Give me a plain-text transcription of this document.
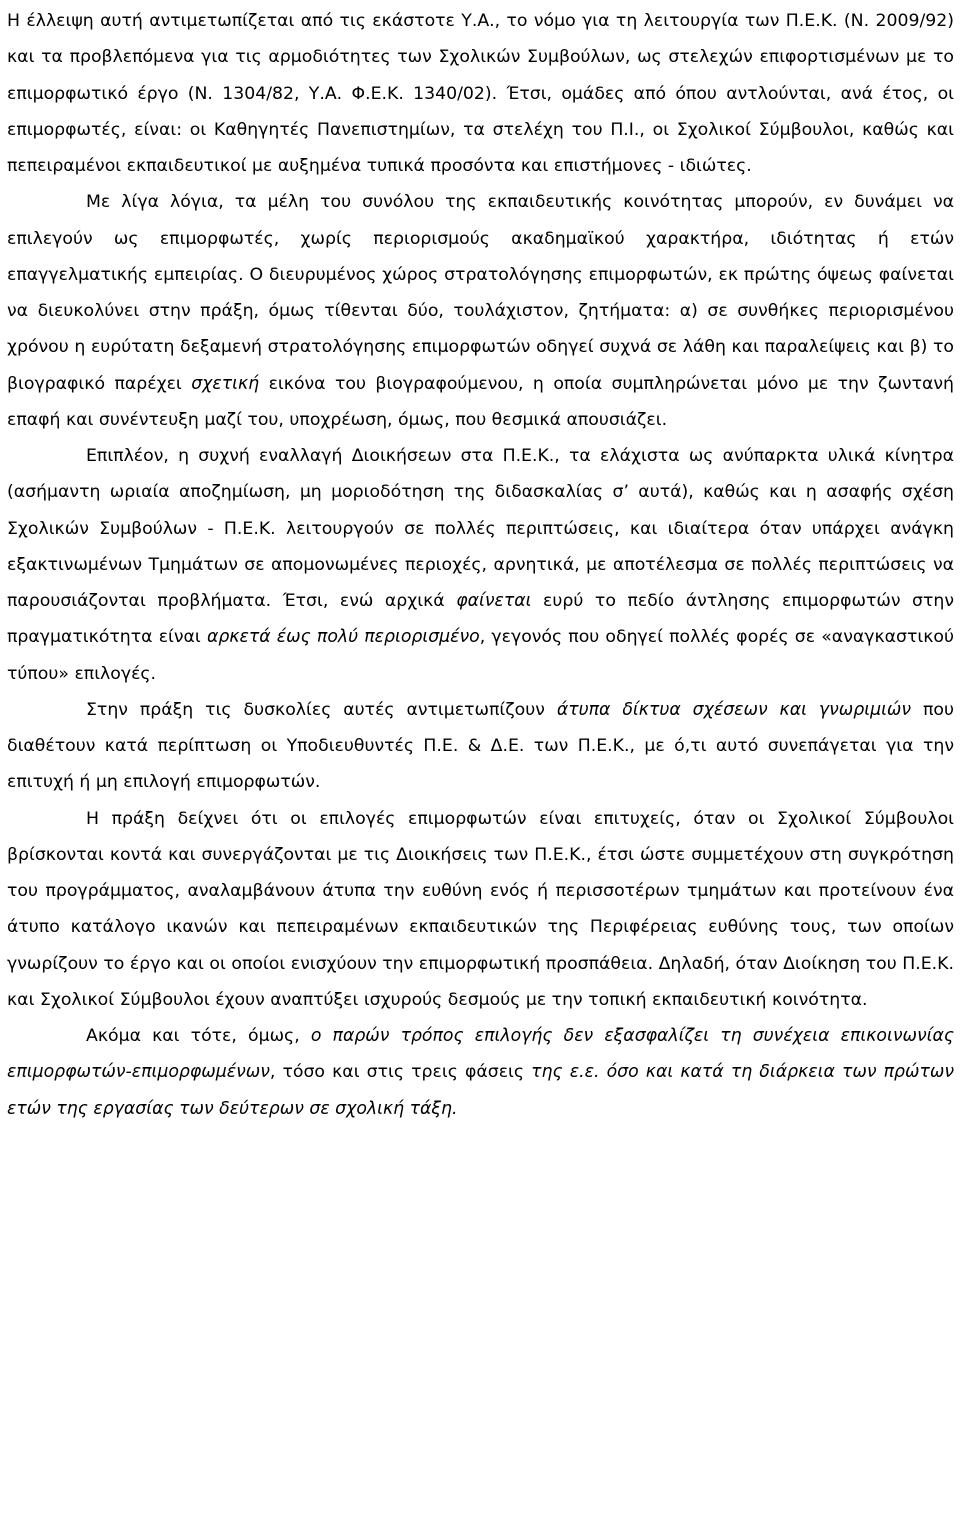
Η έλλειψη αυτή αντιμετωπίζεται από τις εκάστοτε Υ.Α., το νόμο για τη λειτουργία των Π.Ε.Κ. (Ν. 2009/92) και τα προβλεπόμενα για τις αρμοδιότητες των Σχολικών Συμβούλων, ως στελεχών επιφορτισμένων με το επιμορφωτικό έργο (Ν. 1304/82, Υ.Α. Φ.Ε.Κ. 1340/02). Έτσι, ομάδες από όπου αντλούνται, ανά έτος, οι επιμορφωτές, είναι: οι Καθηγητές Πανεπιστημίων, τα στελέχη του Π.Ι., οι Σχολικοί Σύμβουλοι, καθώς και πεπειραμένοι εκπαιδευτικοί με αυξημένα τυπικά προσόντα και επιστήμονες - ιδιώτες.

Με λίγα λόγια, τα μέλη του συνόλου της εκπαιδευτικής κοινότητας μπορούν, εν δυνάμει να επιλεγούν ως επιμορφωτές, χωρίς περιορισμούς ακαδημαϊκού χαρακτήρα, ιδιότητας ή ετών επαγγελματικής εμπειρίας. Ο διευρυμένος χώρος στρατολόγησης επιμορφωτών, εκ πρώτης όψεως φαίνεται να διευκολύνει στην πράξη, όμως τίθενται δύο, τουλάχιστον, ζητήματα: α) σε συνθήκες περιορισμένου χρόνου η ευρύτατη δεξαμενή στρατολόγησης επιμορφωτών οδηγεί συχνά σε λάθη και παραλείψεις και β) το βιογραφικό παρέχει σχετική εικόνα του βιογραφούμενου, η οποία συμπληρώνεται μόνο με την ζωντανή επαφή και συνέντευξη μαζί του, υποχρέωση, όμως, που θεσμικά απουσιάζει.

Επιπλέον, η συχνή εναλλαγή Διοικήσεων στα Π.Ε.Κ., τα ελάχιστα ως ανύπαρκτα υλικά κίνητρα (ασήμαντη ωριαία αποζημίωση, μη μοριοδότηση της διδασκαλίας σ’ αυτά), καθώς και η ασαφής σχέση Σχολικών Συμβούλων - Π.Ε.Κ. λειτουργούν σε πολλές περιπτώσεις, και ιδιαίτερα όταν υπάρχει ανάγκη εξακτινωμένων Τμημάτων σε απομονωμένες περιοχές, αρνητικά, με αποτέλεσμα σε πολλές περιπτώσεις να παρουσιάζονται προβλήματα. Έτσι, ενώ αρχικά φαίνεται ευρύ το πεδίο άντλησης επιμορφωτών στην πραγματικότητα είναι αρκετά έως πολύ περιορισμένο, γεγονός που οδηγεί πολλές φορές σε «αναγκαστικού τύπου» επιλογές.

Στην πράξη τις δυσκολίες αυτές αντιμετωπίζουν άτυπα δίκτυα σχέσεων και γνωριμιών που διαθέτουν κατά περίπτωση οι Υποδιευθυντές Π.Ε. & Δ.Ε. των Π.Ε.Κ., με ό,τι αυτό συνεπάγεται για την επιτυχή ή μη επιλογή επιμορφωτών.

Η πράξη δείχνει ότι οι επιλογές επιμορφωτών είναι επιτυχείς, όταν οι Σχολικοί Σύμβουλοι βρίσκονται κοντά και συνεργάζονται με τις Διοικήσεις των Π.Ε.Κ., έτσι ώστε συμμετέχουν στη συγκρότηση του προγράμματος, αναλαμβάνουν άτυπα την ευθύνη ενός ή περισσοτέρων τμημάτων και προτείνουν ένα άτυπο κατάλογο ικανών και πεπειραμένων εκπαιδευτικών της Περιφέρειας ευθύνης τους, των οποίων γνωρίζουν το έργο και οι οποίοι ενισχύουν την επιμορφωτική προσπάθεια. Δηλαδή, όταν Διοίκηση του Π.Ε.Κ. και Σχολικοί Σύμβουλοι έχουν αναπτύξει ισχυρούς δεσμούς με την τοπική εκπαιδευτική κοινότητα.

Ακόμα και τότε, όμως, ο παρών τρόπος επιλογής δεν εξασφαλίζει τη συνέχεια επικοινωνίας επιμορφωτών-επιμορφωμένων, τόσο και στις τρεις φάσεις της ε.ε. όσο και κατά τη διάρκεια των πρώτων ετών της εργασίας των δεύτερων σε σχολική τάξη.
